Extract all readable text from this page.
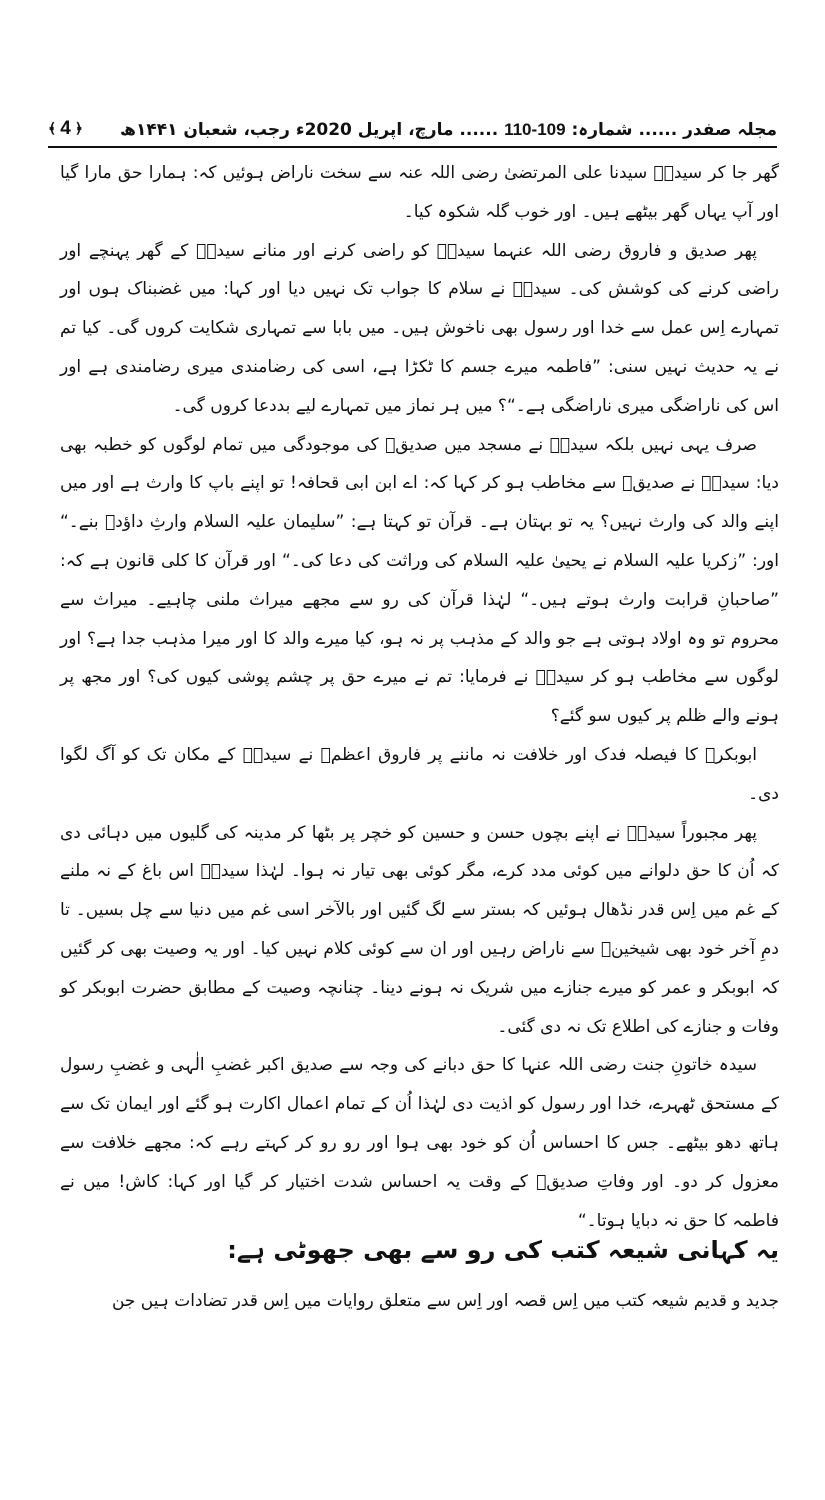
مجلہ صفدر ...... شمارہ: 109-110 ...... مارچ، اپریل 2020ء رجب، شعبان ۱۴۴۱ھ
﴾ 4 ﴿

گھر جا کر سیدہؓ سیدنا علی المرتضیٰ رضی اللہ عنہ سے سخت ناراض ہوئیں کہ: ہمارا حق مارا گیا اور آپ یہاں گھر بیٹھے ہیں۔ اور خوب گلہ شکوہ کیا۔

پھر صدیق و فاروق رضی اللہ عنہما سیدہؓ کو راضی کرنے اور منانے سیدہؓ کے گھر پہنچے اور راضی کرنے کی کوشش کی۔ سیدہؓ نے سلام کا جواب تک نہیں دیا اور کہا: میں غضبناک ہوں اور تمہارے اِس عمل سے خدا اور رسول بھی ناخوش ہیں۔ میں بابا سے تمہاری شکایت کروں گی۔ کیا تم نے یہ حدیث نہیں سنی: ”فاطمہ میرے جسم کا ٹکڑا ہے، اسی کی رضامندی میری رضامندی ہے اور اس کی ناراضگی میری ناراضگی ہے۔“؟ میں ہر نماز میں تمہارے لیے بددعا کروں گی۔

صرف یہی نہیں بلکہ سیدہؓ نے مسجد میں صدیقؓ کی موجودگی میں تمام لوگوں کو خطبہ بھی دیا: سیدہؓ نے صدیقؓ سے مخاطب ہو کر کہا کہ: اے ابن ابی قحافہ! تو اپنے باپ کا وارث ہے اور میں اپنے والد کی وارث نہیں؟ یہ تو بہتان ہے۔ قرآن تو کہتا ہے: ”سلیمان علیہ السلام وارثِ داؤدؑ بنے۔“ اور: ”زکریا علیہ السلام نے یحییٰ علیہ السلام کی وراثت کی دعا کی۔“ اور قرآن کا کلی قانون ہے کہ: ”صاحبانِ قرابت وارث ہوتے ہیں۔“ لہٰذا قرآن کی رو سے مجھے میراث ملنی چاہیے۔ میراث سے محروم تو وہ اولاد ہوتی ہے جو والد کے مذہب پر نہ ہو، کیا میرے والد کا اور میرا مذہب جدا ہے؟ اور لوگوں سے مخاطب ہو کر سیدہؓ نے فرمایا: تم نے میرے حق پر چشم پوشی کیوں کی؟ اور مجھ پر ہونے والے ظلم پر کیوں سو گئے؟

ابوبکرؓ کا فیصلہ فدک اور خلافت نہ ماننے پر فاروق اعظمؓ نے سیدہؓ کے مکان تک کو آگ لگوا دی۔

پھر مجبوراً سیدہؓ نے اپنے بچوں حسن و حسین کو خچر پر بٹھا کر مدینہ کی گلیوں میں دہائی دی کہ اُن کا حق دلوانے میں کوئی مدد کرے، مگر کوئی بھی تیار نہ ہوا۔ لہٰذا سیدہؓ اس باغ کے نہ ملنے کے غم میں اِس قدر نڈھال ہوئیں کہ بستر سے لگ گئیں اور بالآخر اسی غم میں دنیا سے چل بسیں۔ تا دمِ آخر خود بھی شیخینؓ سے ناراض رہیں اور ان سے کوئی کلام نہیں کیا۔ اور یہ وصیت بھی کر گئیں کہ ابوبکر و عمر کو میرے جنازے میں شریک نہ ہونے دینا۔ چنانچہ وصیت کے مطابق حضرت ابوبکر کو وفات و جنازے کی اطلاع تک نہ دی گئی۔

سیدہ خاتونِ جنت رضی اللہ عنہا کا حق دبانے کی وجہ سے صدیق اکبر غضبِ الٰہی و غضبِ رسول کے مستحق ٹھہرے، خدا اور رسول کو اذیت دی لہٰذا اُن کے تمام اعمال اکارت ہو گئے اور ایمان تک سے ہاتھ دھو بیٹھے۔ جس کا احساس اُن کو خود بھی ہوا اور رو رو کر کہتے رہے کہ: مجھے خلافت سے معزول کر دو۔ اور وفاتِ صدیقؓ کے وقت یہ احساس شدت اختیار کر گیا اور کہا: کاش! میں نے فاطمہ کا حق نہ دبایا ہوتا۔“

یہ کہانی شیعہ کتب کی رو سے بھی جھوٹی ہے:

جدید و قدیم شیعہ کتب میں اِس قصہ اور اِس سے متعلق روایات میں اِس قدر تضادات ہیں جن
